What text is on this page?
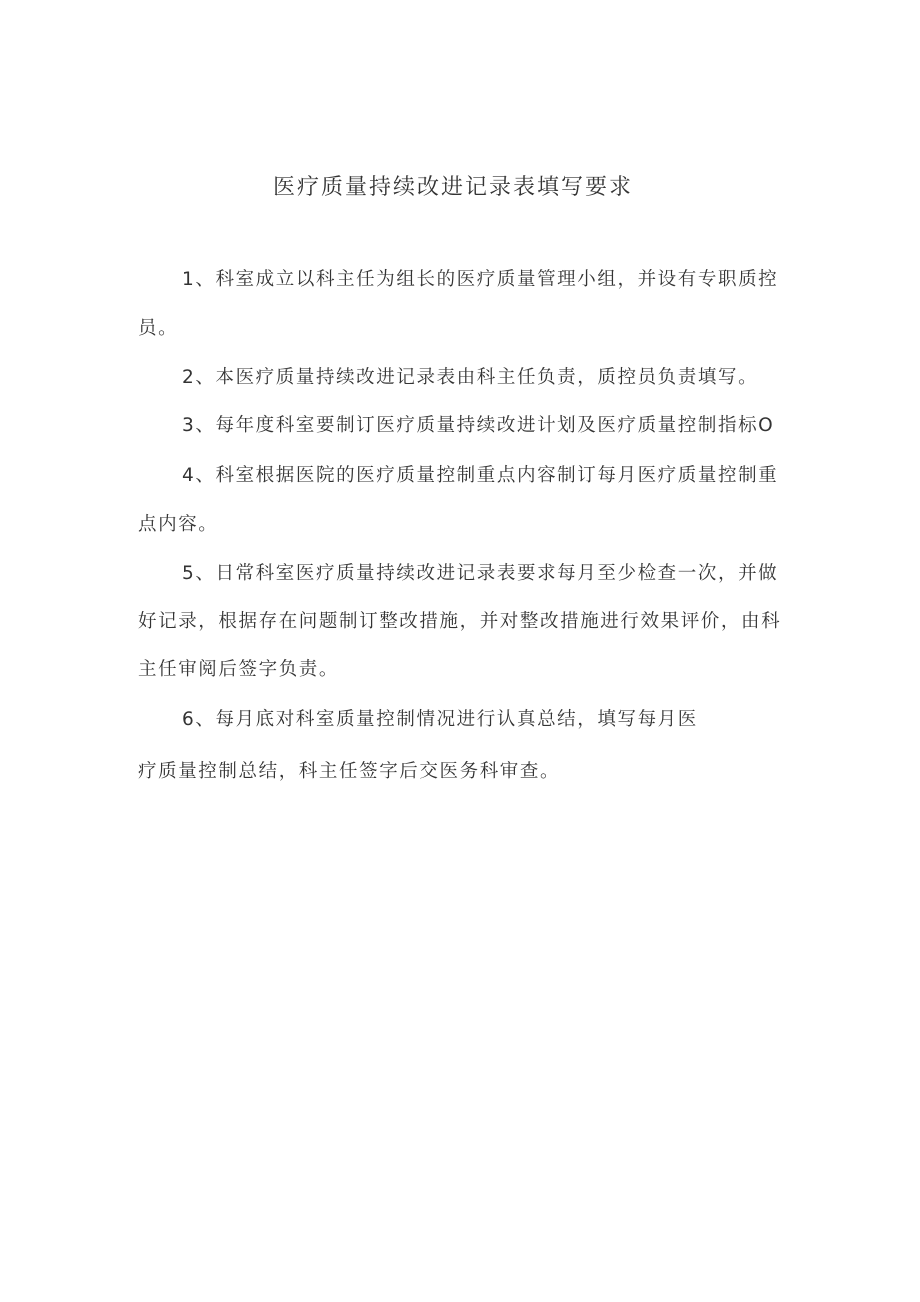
医疗质量持续改进记录表填写要求
1、科室成立以科主任为组长的医疗质量管理小组，并设有专职质控
员。
2、本医疗质量持续改进记录表由科主任负责，质控员负责填写。
3、每年度科室要制订医疗质量持续改进计划及医疗质量控制指标O
4、科室根据医院的医疗质量控制重点内容制订每月医疗质量控制重
点内容。
5、日常科室医疗质量持续改进记录表要求每月至少检查一次，并做
好记录，根据存在问题制订整改措施，并对整改措施进行效果评价，由科
主任审阅后签字负责。
6、每月底对科室质量控制情况进行认真总结，填写每月医
疗质量控制总结，科主任签字后交医务科审查。
